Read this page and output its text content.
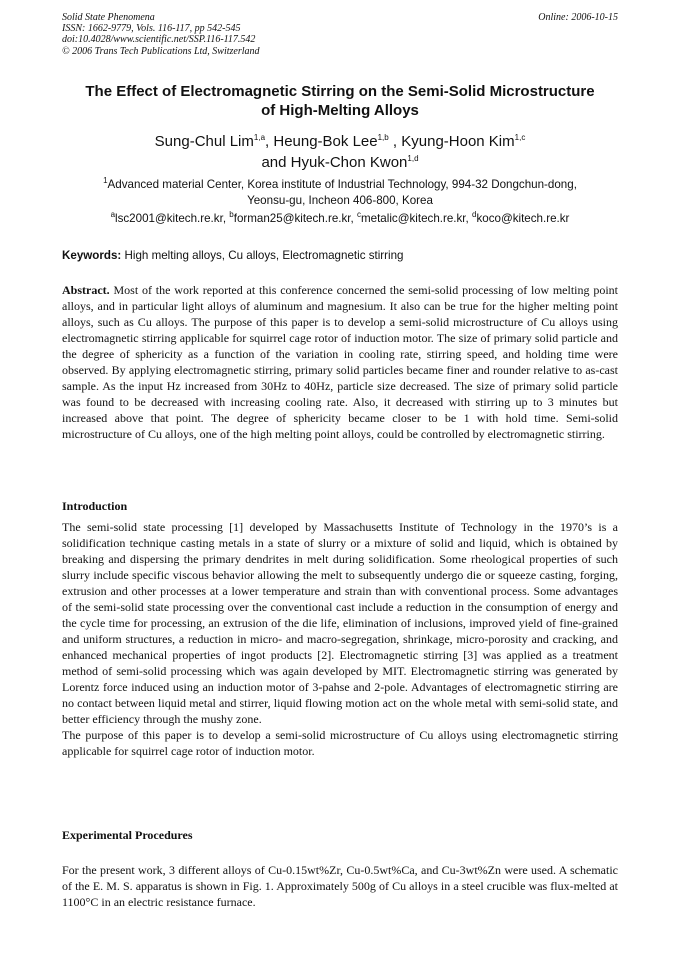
Solid State Phenomena
ISSN: 1662-9779, Vols. 116-117, pp 542-545
doi:10.4028/www.scientific.net/SSP.116-117.542
© 2006 Trans Tech Publications Ltd, Switzerland
Online: 2006-10-15
The Effect of Electromagnetic Stirring on the Semi-Solid Microstructure
of High-Melting Alloys
Sung-Chul Lim$^{1,a}$, Heung-Bok Lee$^{1,b}$ , Kyung-Hoon Kim$^{1,c}$
and Hyuk-Chon Kwon$^{1,d}$
$^1$Advanced material Center, Korea institute of Industrial Technology, 994-32 Dongchun-dong,
Yeonsu-gu, Incheon 406-800, Korea
$^a$lsc2001@kitech.re.kr, $^b$forman25@kitech.re.kr, $^c$metalic@kitech.re.kr, $^d$koco@kitech.re.kr
Keywords: High melting alloys, Cu alloys, Electromagnetic stirring
Abstract. Most of the work reported at this conference concerned the semi-solid processing of low melting point alloys, and in particular light alloys of aluminum and magnesium. It also can be true for the higher melting point alloys, such as Cu alloys. The purpose of this paper is to develop a semi-solid microstructure of Cu alloys using electromagnetic stirring applicable for squirrel cage rotor of induction motor. The size of primary solid particle and the degree of sphericity as a function of the variation in cooling rate, stirring speed, and holding time were observed. By applying electromagnetic stirring, primary solid particles became finer and rounder relative to as-cast sample. As the input Hz increased from 30Hz to 40Hz, particle size decreased. The size of primary solid particle was found to be decreased with increasing cooling rate. Also, it decreased with stirring up to 3 minutes but increased above that point. The degree of sphericity became closer to be 1 with hold time. Semi-solid microstructure of Cu alloys, one of the high melting point alloys, could be controlled by electromagnetic stirring.
Introduction

The semi-solid state processing [1] developed by Massachusetts Institute of Technology in the 1970’s is a solidification technique casting metals in a state of slurry or a mixture of solid and liquid, which is obtained by breaking and dispersing the primary dendrites in melt during solidification. Some rheological properties of such slurry include specific viscous behavior allowing the melt to subsequently undergo die or squeeze casting, forging, extrusion and other processes at a lower temperature and strain than with conventional process. Some advantages of the semi-solid state processing over the conventional cast include a reduction in the consumption of energy and the cycle time for processing, an extrusion of the die life, elimination of inclusions, improved yield of fine-grained and uniform structures, a reduction in micro- and macro-segregation, shrinkage, micro-porosity and cracking, and enhanced mechanical properties of ingot products [2]. Electromagnetic stirring [3] was applied as a treatment method of semi-solid processing which was again developed by MIT. Electromagnetic stirring was generated by Lorentz force induced using an induction motor of 3-pahse and 2-pole. Advantages of electromagnetic stirring are no contact between liquid metal and stirrer, liquid flowing motion act on the whole metal with semi-solid state, and better efficiency through the mushy zone.

The purpose of this paper is to develop a semi-solid microstructure of Cu alloys using electromagnetic stirring applicable for squirrel cage rotor of induction motor.

Experimental Procedures
For the present work, 3 different alloys of Cu-0.15wt%Zr, Cu-0.5wt%Ca, and Cu-3wt%Zn were used. A schematic of the E. M. S. apparatus is shown in Fig. 1. Approximately 500g of Cu alloys in a steel crucible was flux-melted at 1100°C in an electric resistance furnace.
